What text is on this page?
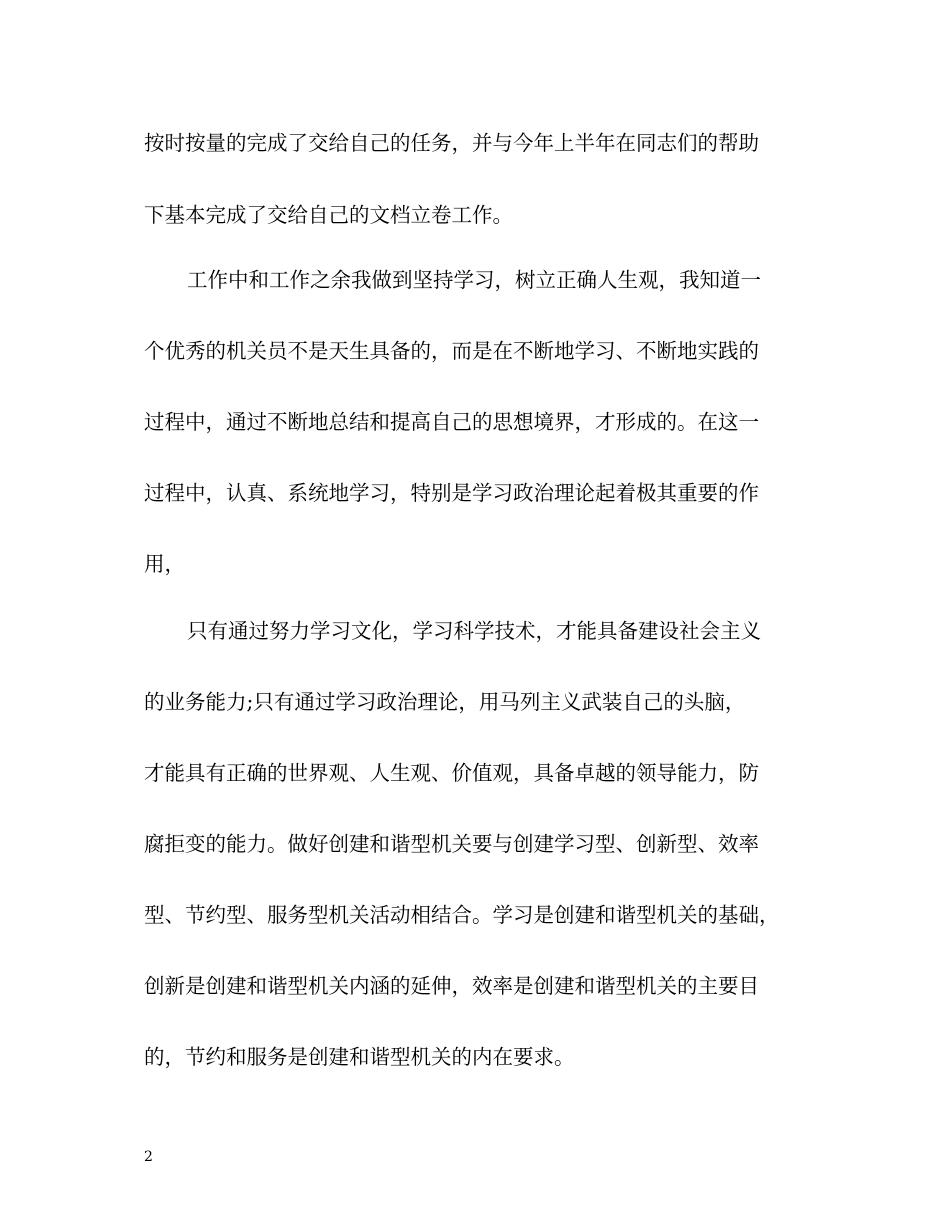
按时按量的完成了交给自己的任务，并与今年上半年在同志们的帮助
下基本完成了交给自己的文档立卷工作。
工作中和工作之余我做到坚持学习，树立正确人生观，我知道一
个优秀的机关员不是天生具备的，而是在不断地学习、不断地实践的
过程中，通过不断地总结和提高自己的思想境界，才形成的。在这一
过程中，认真、系统地学习，特别是学习政治理论起着极其重要的作
用，
只有通过努力学习文化，学习科学技术，才能具备建设社会主义
的业务能力;只有通过学习政治理论，用马列主义武装自己的头脑，
才能具有正确的世界观、人生观、价值观，具备卓越的领导能力，防
腐拒变的能力。做好创建和谐型机关要与创建学习型、创新型、效率
型、节约型、服务型机关活动相结合。学习是创建和谐型机关的基础，
创新是创建和谐型机关内涵的延伸，效率是创建和谐型机关的主要目
的，节约和服务是创建和谐型机关的内在要求。
2
